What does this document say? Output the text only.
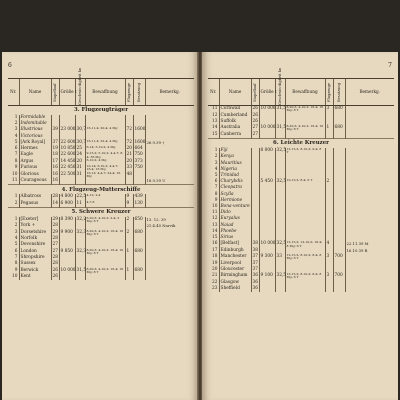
6
Nr.	Name	Stapellauf	Größe t	Geschwin-digkeit kn	Bewaffnung	Flugzeuge	Besatzung	Bemerkg.
3. Flugzeugträger								
1	Formidable							
2	Indomitable							
3	Illustrious	39	23 000	30,7	16-11,4; 20-4; 4 Mg	72	1600	
4	Victorious							
5	[Ark Royal]	37	22 600	30,7	16-11,4; 32-4; 4 Mg	72	1600	26.9.39 †
6	Hermes	19	10 850	25	6-14; 3-10,2; 4 Mg	20	664	
7	Eagle	18	22 600	24	9-15,2; 5-10,2; 4-4,7; 8-4; 36 Mg	21	750	
8	Argus	17	14 450	20	6-10,2; 4 Mg	20	373	
9	Furious	16	22 450	31	10-14; 6-10,2; 4-4,7; 16-4; 16 Mg	33	750	
10	Glorious	16	22 500	31	16-12; 4-4,7; 24-4; 16 Mg	48		
11	Courageous	16						18.9.39 U
4. Flugzeug-Mutterschiffe								
1	Albatross	28	4 800	22,5	4-12; 2-4	9	439	
2	Pegasus	14	6 900	11	4-7,6	9	130	
5. Schwere Kreuzer								
1	[Exeter]	29	8 390	32,2	6-20,3; 4-10,2; 2-4; 2 Mg; 6 T	2	650	13. 12. 39
2	York +	28						21.4.40 Narvik
3	Dorsetshire	29	9 900	32,3	8-20,3; 4-10,2; 16-4; 16 Mg; 8 T	2	680	
4	Norfolk	28						
5	Devonshire	27						
6	London	27	9 850	32,3	8-20,3; 4-10,2; 16-4; 16 Mg; 8 T	1	680	
7	Shropshire	28						
8	Sussex	28						
9	Berwick	26	10 000	31,5	8-20,3; 4-10,2; 16-4; 16 Mg; 8 T	1	680	
10	Kent	26						
7
Nr.	Name	Stapellauf	Größe t	Geschwin-digkeit kn	Bewaffnung	Flugzeuge	Besatzung	Bemerkg.
11	Cornwall	26	10 000	31,5	8-20,3; 4-10,2; 16-4; 16 Mg; 8 T	3	680	
12	Cumberland	26						
13	Suffolk	26						
14	Australia	27	10 000	31,5	8-20,3; 4-10,2; 16-4; 16 Mg; 8 T	1	680	
15	Canberra	27						
6. Leichte Kreuzer								
1	Fiji		8 000	32,5	12-15,2; 8-10,2; 9-4; 8 T			
2	Kenya							
3	Mauritius							
4	Nigeria							
5	Trinidad							
6	Charybdis		5 450	32,5	10-13,2; 8-4; 6 T	2		
7	Cleopatra							
8	Scylla							
9	Hermione							
10	Bona-venture							
11	Dido							
12	Euryalus							
13	Naiad							
14	Phoebe							
15	Sirius							
16	[Belfast]	38	10 000	32,5	12-15,2; 12-10,2; 16-4; 8 Mg; 6 T	4		22.11.39 M
17	Edinburgh	38						16.10.39 B
18	Manchester	37	9 300	33	12-15,2; 8-10,2; 8-4; 8 Mg; 6 T	3	700	
19	Liverpool	37						
20	Gloucester	37						
21	Birmingham	36	9 100	32,5	12-15,2; 8-10,2; 8-4; 8 Mg; 6 T	3	700	
22	Glasgow	36						
23	Sheffield	36						
